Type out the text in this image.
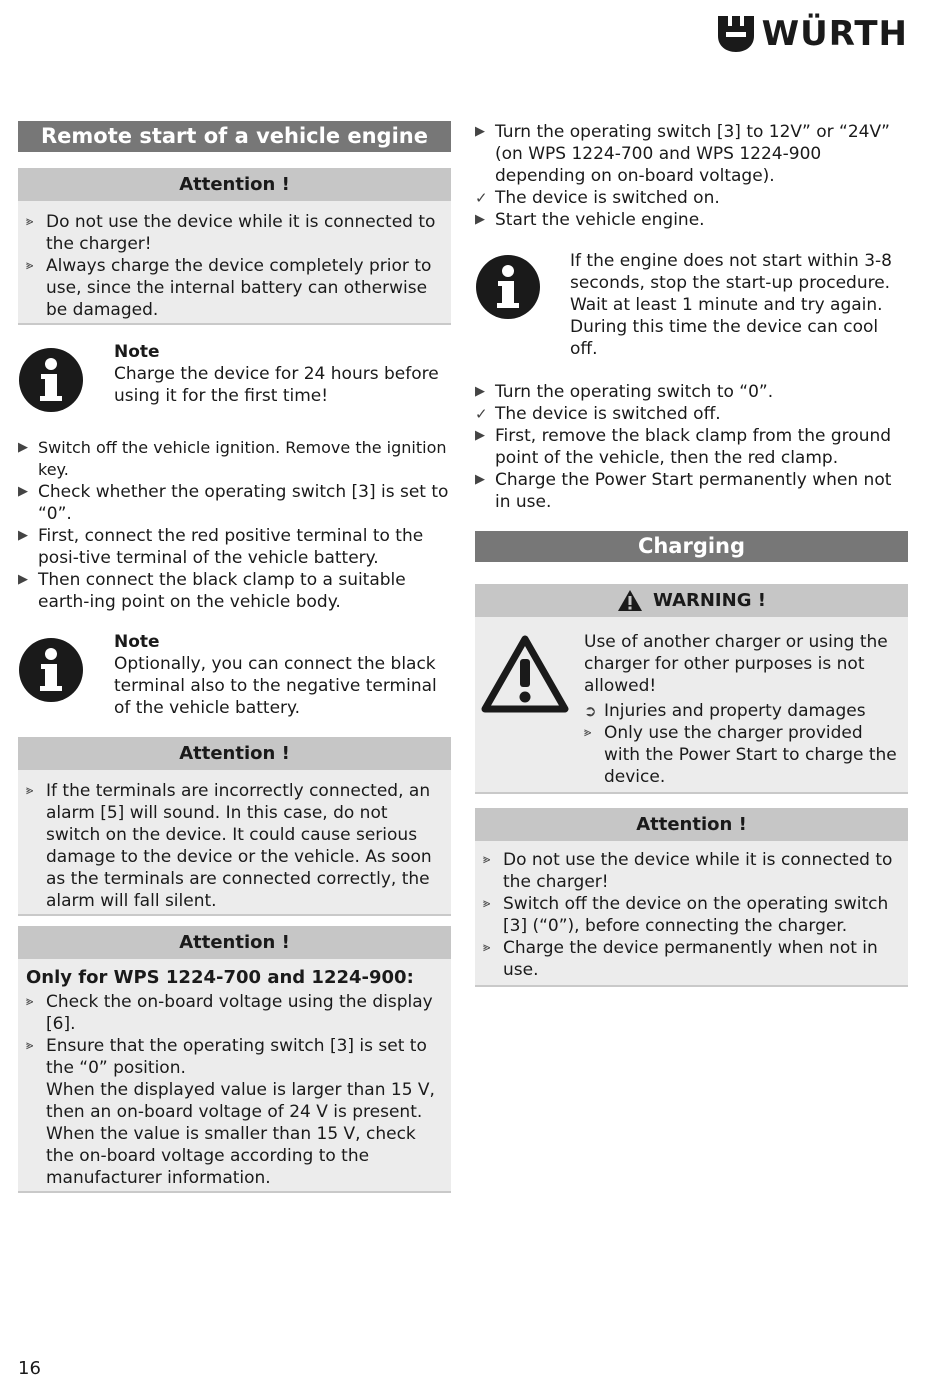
WÜRTH
Remote start of a vehicle engine
Attention !
⪢ Do not use the device while it is connected to the charger!
⪢ Always charge the device completely prior to use, since the internal battery can otherwise be damaged.
Note
Charge the device for 24 hours before using it for the first time!
▶ Switch off the vehicle ignition. Remove the ignition key.
▶ Check whether the operating switch [3] is set to “0”.
▶ First, connect the red positive terminal to the posi-tive terminal of the vehicle battery.
▶ Then connect the black clamp to a suitable earth-ing point on the vehicle body.
Note
Optionally, you can connect the black terminal also to the negative terminal of the vehicle battery.
Attention !
⪢ If the terminals are incorrectly connected, an alarm [5] will sound. In this case, do not switch on the device. It could cause serious damage to the device or the vehicle. As soon as the terminals are connected correctly, the alarm will fall silent.
Attention !
Only for WPS 1224-700 and 1224-900:
⪢ Check the on-board voltage using the display [6].
⪢ Ensure that the operating switch [3] is set to the “0” position.
When the displayed value is larger than 15 V, then an on-board voltage of 24 V is present. When the value is smaller than 15 V, check the on-board voltage according to the manufacturer information.
▶ Turn the operating switch [3] to 12V” or “24V” (on WPS 1224-700 and WPS 1224-900 depending on on-board voltage).
✓ The device is switched on.
▶ Start the vehicle engine.
If the engine does not start within 3-8 seconds, stop the start-up procedure. Wait at least 1 minute and try again. During this time the device can cool off.
▶ Turn the operating switch to “0”.
✓ The device is switched off.
▶ First, remove the black clamp from the ground point of the vehicle, then the red clamp.
▶ Charge the Power Start permanently when not in use.
Charging
WARNING !
Use of another charger or using the charger for other purposes is not allowed!
➲ Injuries and property damages
⪢ Only use the charger provided with the Power Start to charge the device.
Attention !
⪢ Do not use the device while it is connected to the charger!
⪢ Switch off the device on the operating switch [3] (“0”), before connecting the charger.
⪢ Charge the device permanently when not in use.
16
